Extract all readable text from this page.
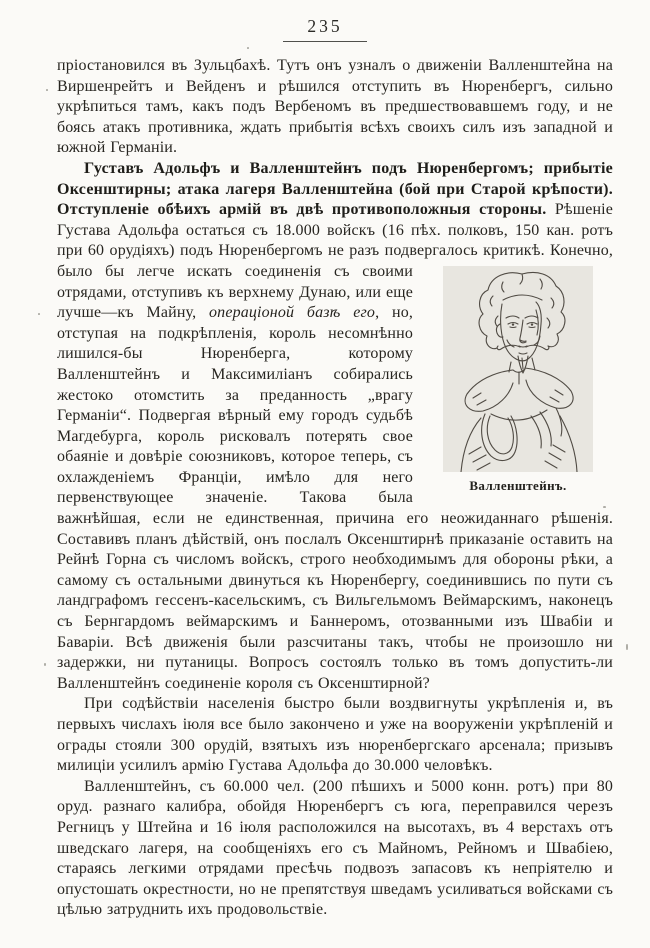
235

пріостановился въ Зульцбахѣ. Тутъ онъ узналъ о движеніи Валленштейна на Виршенрейтъ и Вейденъ и рѣшился отступить въ Нюренбергъ, сильно укрѣпиться тамъ, какъ подъ Вербеномъ въ предшествовавшемъ году, и не боясь атакъ противника, ждать прибытія всѣхъ своихъ силъ изъ западной и южной Германіи.

Густавъ Адольфъ и Валленштейнъ подъ Нюренбергомъ; прибытіе Оксенштирны; атака лагеря Валленштейна (бой при Старой крѣпости). Отступленіе обѣихъ армій въ двѣ противоположныя стороны. Рѣшеніе Густава Адольфа остаться съ 18.000 войскъ (16 пѣх. полковъ, 150 кан. ротъ при 60 орудіяхъ) подъ Нюренбергомъ не разъ подвергалось критикѣ. Конечно,
Валленштейнъ.
было бы легче искать соединенія съ своими отрядами, отступивъ къ верхнему Дунаю, или еще лучше—къ Майну, операціоной базѣ его, но, отступая на подкрѣпленія, король несомнѣнно лишился-бы Нюренберга, которому Валленштейнъ и Максимиліанъ собирались жестоко отомстить за преданность „врагу Германіи“. Подвергая вѣрный ему городъ судьбѣ Магдебурга, король рисковалъ потерять свое обаяніе и довѣріе союзниковъ, которое теперь, съ охлажденіемъ Франціи, имѣло для него первенствующее значеніе. Такова была важнѣйшая, если не единственная, причина его неожиданнаго рѣшенія. Составивъ планъ дѣйствій, онъ послалъ Оксенштирнѣ приказаніе оставить на Рейнѣ Горна съ числомъ войскъ, строго необходимымъ для обороны рѣки, а самому съ остальными двинуться къ Нюренбергу, соединившись по пути съ ландграфомъ гессенъ-касельскимъ, съ Вильгельмомъ Веймарскимъ, наконецъ съ Бернгардомъ веймарскимъ и Баннеромъ, отозванными изъ Швабіи и Баваріи. Всѣ движенія были разсчитаны такъ, чтобы не произошло ни задержки, ни путаницы. Вопросъ состоялъ только въ томъ допустить-ли Валленштейнъ соединеніе короля съ Оксенштирной?

При содѣйствіи населенія быстро были воздвигнуты укрѣпленія и, въ первыхъ числахъ іюля все было закончено и уже на вооруженіи укрѣпленій и ограды стояли 300 орудій, взятыхъ изъ нюренбергскаго арсенала; призывъ милиціи усилилъ армію Густава Адольфа до 30.000 человѣкъ.

Валленштейнъ, съ 60.000 чел. (200 пѣшихъ и 5000 конн. ротъ) при 80 оруд. разнаго калибра, обойдя Нюренбергъ съ юга, переправился черезъ Регницъ у Штейна и 16 іюля расположился на высотахъ, въ 4 верстахъ отъ шведскаго лагеря, на сообщеніяхъ его съ Майномъ, Рейномъ и Швабіею, стараясь легкими отрядами пресѣчь подвозъ запасовъ къ непріятелю и опустошать окрестности, но не препятствуя шведамъ усиливаться войсками съ цѣлью затруднить ихъ продовольствіе.
